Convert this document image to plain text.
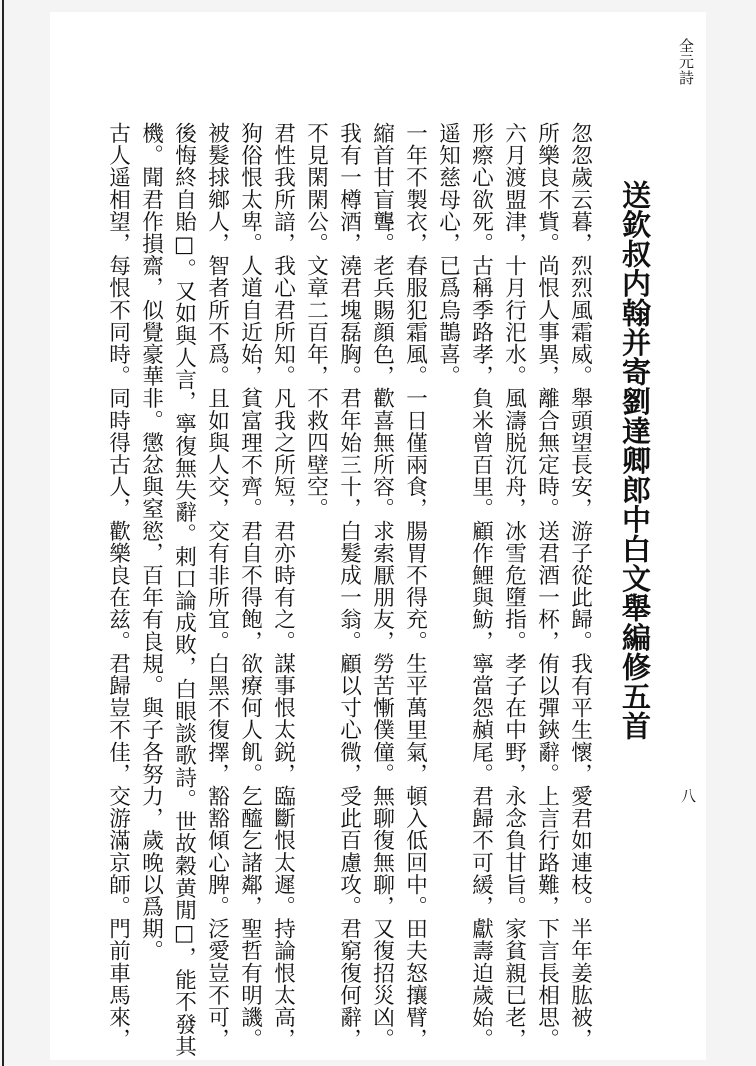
全元詩
八
送欽叔内翰并寄劉達卿郎中白文舉編修五首
忽忽歲云暮，烈烈風霜威。舉頭望長安，游子從此歸。我有平生懷，愛君如連枝。半年姜肱被，
所樂良不貲。尚恨人事異，離合無定時。送君酒一杯，侑以彈鋏辭。上言行路難，下言長相思。
六月渡盟津，十月行汜水。風濤脱沉舟，冰雪危墮指。孝子在中野，永念負甘旨。家貧親已老，
形瘵心欲死。古稱季路孝，負米曾百里。顧作鯉與魴，寧當怨赬尾。君歸不可緩，獻壽迫歲始。
遥知慈母心，已爲烏鵲喜。
一年不製衣，春服犯霜風。一日僅兩食，腸胃不得充。生平萬里氣，頓入低回中。田夫怒攘臂，
縮首甘盲聾。老兵賜顔色，歡喜無所容。求索厭朋友，勞苦慚僕僮。無聊復無聊，又復招災凶。
我有一樽酒，澆君塊磊胸。君年始三十，白髮成一翁。顧以寸心微，受此百慮攻。君窮復何辭，
不見閑閑公。文章二百年，不救四壁空。
君性我所諳，我心君所知。凡我之所短，君亦時有之。謀事恨太鋭，臨斷恨太遲。持論恨太高，
狗俗恨太卑。人道自近始，貧富理不齊。君自不得飽，欲療何人飢。乞醯乞諸鄰，聖哲有明譏。
被髮捄鄉人，智者所不爲。且如與人交，交有非所宜。白黑不復擇，豁豁傾心脾。泛愛豈不可，
後悔終自貽□。又如與人言，寧復無失辭。剌口論成敗，白眼談歌詩。世故穀黄閒□，能不發其
機。聞君作損齋，似覺豪華非。懲忿與窒慾，百年有良規。與子各努力，歲晚以爲期。
古人遥相望，每恨不同時。同時得古人，歡樂良在兹。君歸豈不佳，交游滿京師。門前車馬來，
